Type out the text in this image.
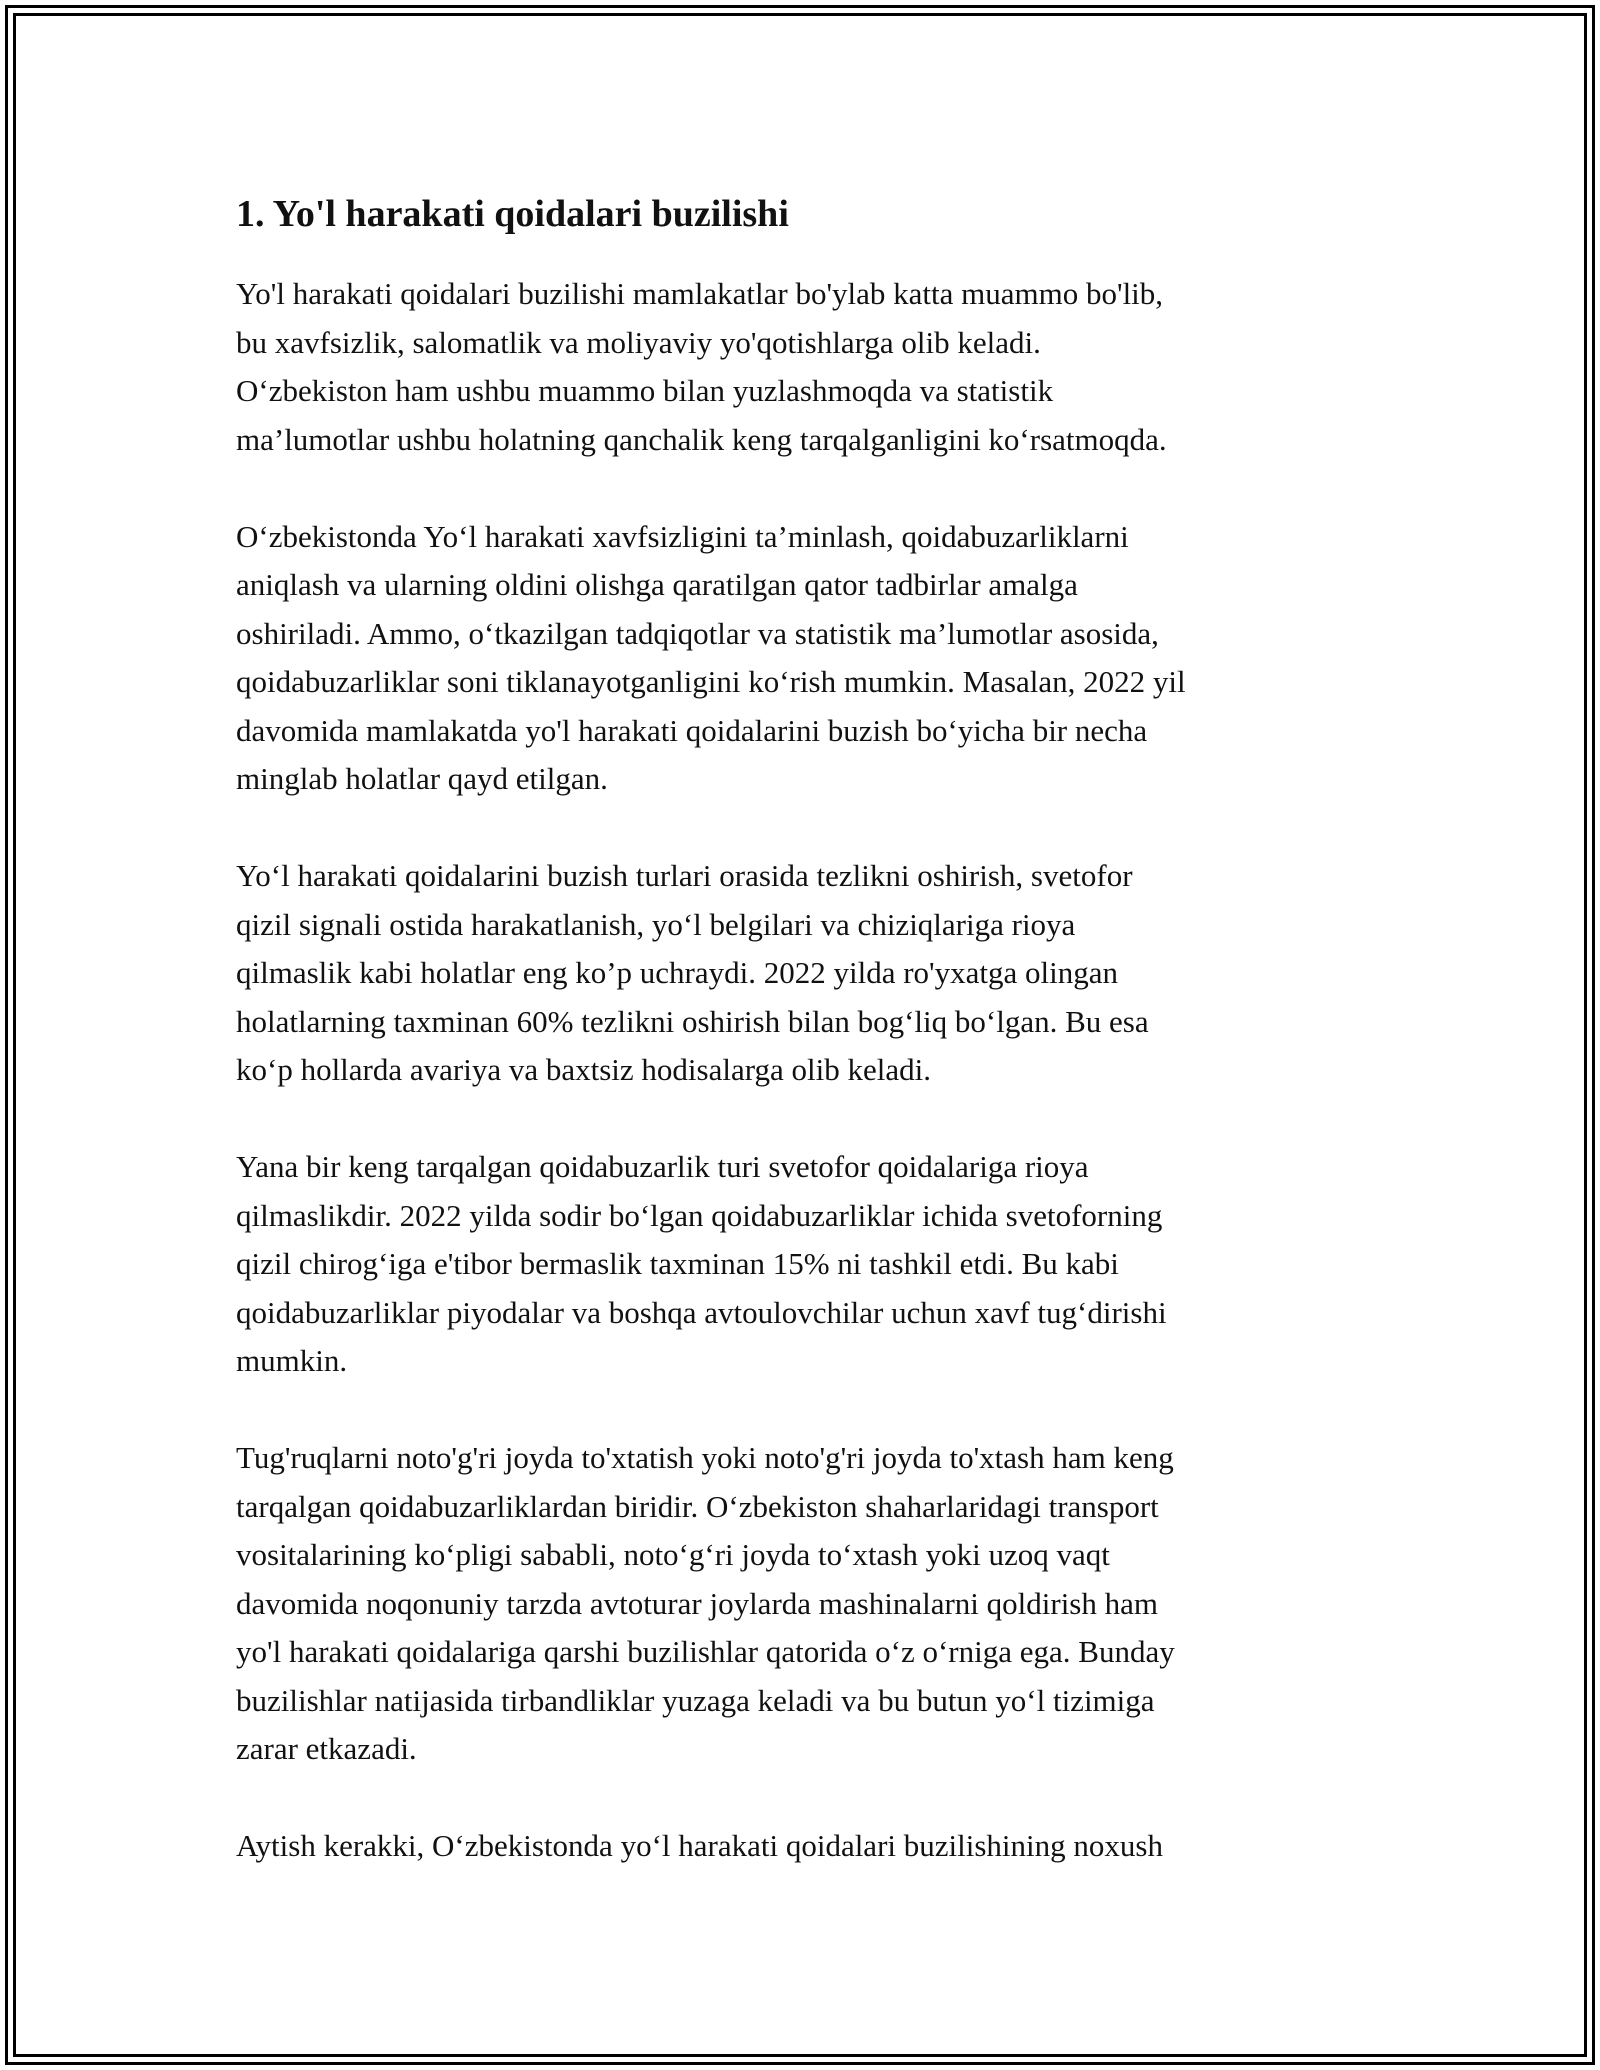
1. Yo'l harakati qoidalari buzilishi

Yo'l harakati qoidalari buzilishi mamlakatlar bo'ylab katta muammo bo'lib,
bu xavfsizlik, salomatlik va moliyaviy yo'qotishlarga olib keladi.
O‘zbekiston ham ushbu muammo bilan yuzlashmoqda va statistik
ma’lumotlar ushbu holatning qanchalik keng tarqalganligini ko‘rsatmoqda.

O‘zbekistonda Yo‘l harakati xavfsizligini ta’minlash, qoidabuzarliklarni
aniqlash va ularning oldini olishga qaratilgan qator tadbirlar amalga
oshiriladi. Ammo, o‘tkazilgan tadqiqotlar va statistik ma’lumotlar asosida,
qoidabuzarliklar soni tiklanayotganligini ko‘rish mumkin. Masalan, 2022 yil
davomida mamlakatda yo'l harakati qoidalarini buzish bo‘yicha bir necha
minglab holatlar qayd etilgan.

Yo‘l harakati qoidalarini buzish turlari orasida tezlikni oshirish, svetofor
qizil signali ostida harakatlanish, yo‘l belgilari va chiziqlariga rioya
qilmaslik kabi holatlar eng ko’p uchraydi. 2022 yilda ro'yxatga olingan
holatlarning taxminan 60% tezlikni oshirish bilan bog‘liq bo‘lgan. Bu esa
ko‘p hollarda avariya va baxtsiz hodisalarga olib keladi.

Yana bir keng tarqalgan qoidabuzarlik turi svetofor qoidalariga rioya
qilmaslikdir. 2022 yilda sodir bo‘lgan qoidabuzarliklar ichida svetoforning
qizil chirog‘iga e'tibor bermaslik taxminan 15% ni tashkil etdi. Bu kabi
qoidabuzarliklar piyodalar va boshqa avtoulovchilar uchun xavf tug‘dirishi
mumkin.

Tug'ruqlarni noto'g'ri joyda to'xtatish yoki noto'g'ri joyda to'xtash ham keng
tarqalgan qoidabuzarliklardan biridir. O‘zbekiston shaharlaridagi transport
vositalarining ko‘pligi sababli, noto‘g‘ri joyda to‘xtash yoki uzoq vaqt
davomida noqonuniy tarzda avtoturar joylarda mashinalarni qoldirish ham
yo'l harakati qoidalariga qarshi buzilishlar qatorida o‘z o‘rniga ega. Bunday
buzilishlar natijasida tirbandliklar yuzaga keladi va bu butun yo‘l tizimiga
zarar etkazadi.

Aytish kerakki, O‘zbekistonda yo‘l harakati qoidalari buzilishining noxush
